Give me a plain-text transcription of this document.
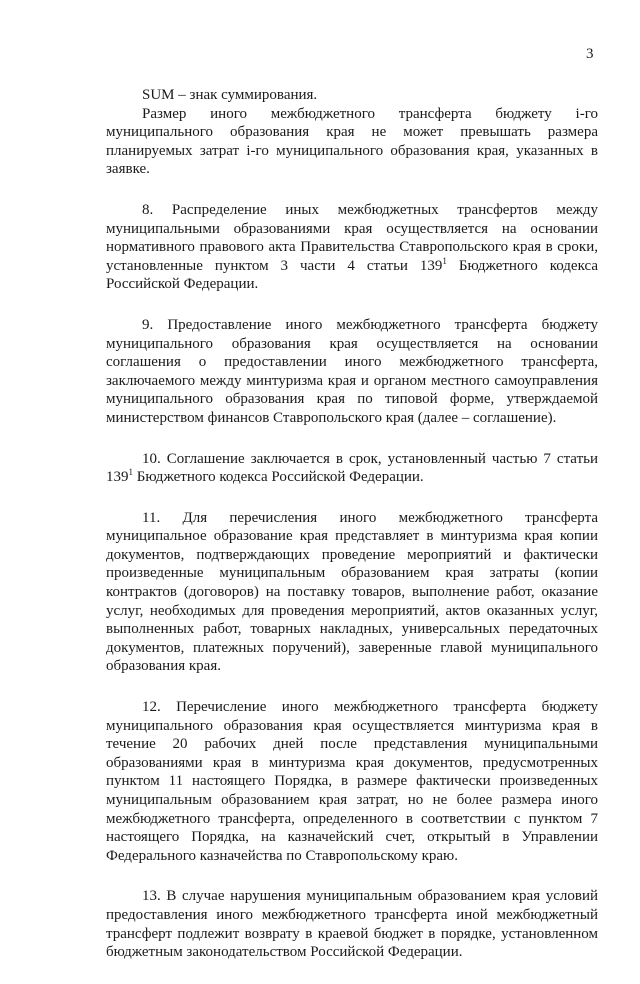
3

SUM – знак суммирования.

Размер иного межбюджетного трансферта бюджету i-го муниципального образования края не может превышать размера планируемых затрат i-го муниципального образования края, указанных в заявке.

8. Распределение иных межбюджетных трансфертов между муниципальными образованиями края осуществляется на основании нормативного правового акта Правительства Ставропольского края в сроки, установленные пунктом 3 части 4 статьи $139^1$ Бюджетного кодекса Российской Федерации.

9. Предоставление иного межбюджетного трансферта бюджету муниципального образования края осуществляется на основании соглашения о предоставлении иного межбюджетного трансферта, заключаемого между минтуризма края и органом местного самоуправления муниципального образования края по типовой форме, утверждаемой министерством финансов Ставропольского края (далее – соглашение).

10. Соглашение заключается в срок, установленный частью 7 статьи $139^1$ Бюджетного кодекса Российской Федерации.

11. Для перечисления иного межбюджетного трансферта муниципальное образование края представляет в минтуризма края копии документов, подтверждающих проведение мероприятий и фактически произведенные муниципальным образованием края затраты (копии контрактов (договоров) на поставку товаров, выполнение работ, оказание услуг, необходимых для проведения мероприятий, актов оказанных услуг, выполненных работ, товарных накладных, универсальных передаточных документов, платежных поручений), заверенные главой муниципального образования края.

12. Перечисление иного межбюджетного трансферта бюджету муниципального образования края осуществляется минтуризма края в течение 20 рабочих дней после представления муниципальными образованиями края в минтуризма края документов, предусмотренных пунктом 11 настоящего Порядка, в размере фактически произведенных муниципальным образованием края затрат, но не более размера иного межбюджетного трансферта, определенного в соответствии с пунктом 7 настоящего Порядка, на казначейский счет, открытый в Управлении Федерального казначейства по Ставропольскому краю.

13. В случае нарушения муниципальным образованием края условий предоставления иного межбюджетного трансферта иной межбюджетный трансферт подлежит возврату в краевой бюджет в порядке, установленном бюджетным законодательством Российской Федерации.
